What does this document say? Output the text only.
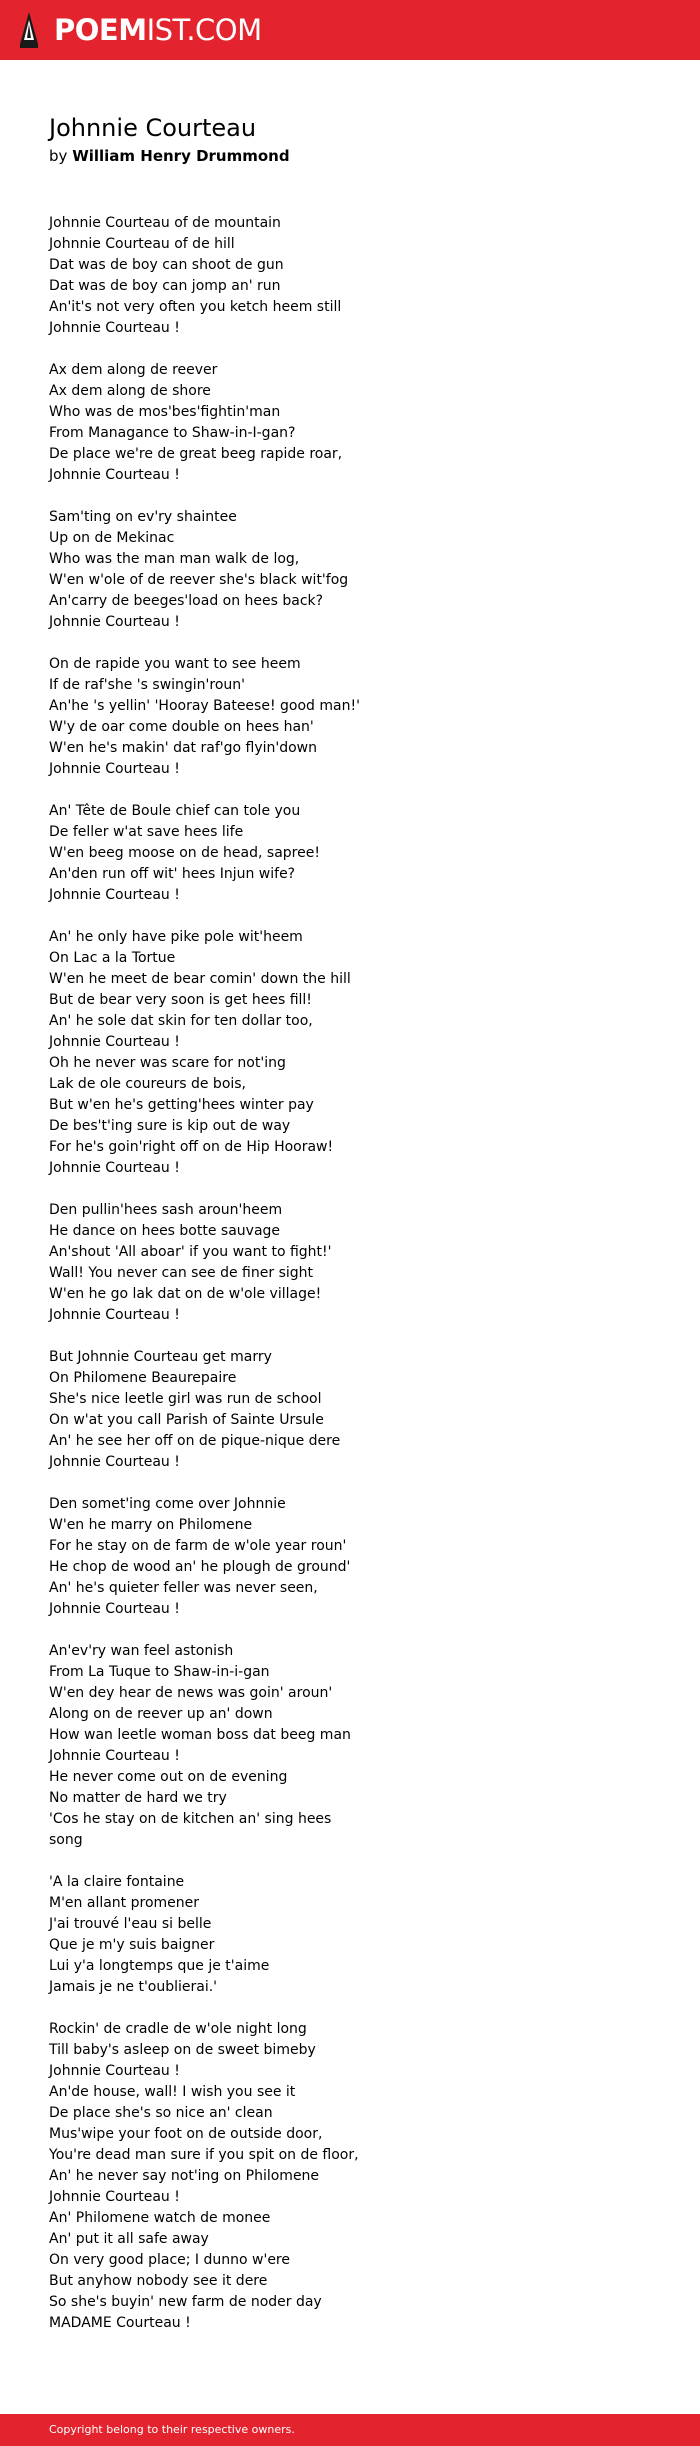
POEMIST.COM
Johnnie Courteau
by William Henry Drummond
Johnnie Courteau of de mountain
Johnnie Courteau of de hill
Dat was de boy can shoot de gun
Dat was de boy can jomp an' run
An'it's not very often you ketch heem still
Johnnie Courteau !
Ax dem along de reever
Ax dem along de shore
Who was de mos'bes'fightin'man
From Managance to Shaw-in-I-gan?
De place we're de great beeg rapide roar,
Johnnie Courteau !
Sam'ting on ev'ry shaintee
Up on de Mekinac
Who was the man man walk de log,
W'en w'ole of de reever she's black wit'fog
An'carry de beeges'load on hees back?
Johnnie Courteau !
On de rapide you want to see heem
If de raf'she 's swingin'roun'
An'he 's yellin' 'Hooray Bateese! good man!'
W'y de oar come double on hees han'
W'en he's makin' dat raf'go flyin'down
Johnnie Courteau !
An' Tête de Boule chief can tole you
De feller w'at save hees life
W'en beeg moose on de head, sapree!
An'den run off wit' hees Injun wife?
Johnnie Courteau !
An' he only have pike pole wit'heem
On Lac a la Tortue
W'en he meet de bear comin' down the hill
But de bear very soon is get hees fill!
An' he sole dat skin for ten dollar too,
Johnnie Courteau !
Oh he never was scare for not'ing
Lak de ole coureurs de bois,
But w'en he's getting'hees winter pay
De bes't'ing sure is kip out de way
For he's goin'right off on de Hip Hooraw!
Johnnie Courteau !
Den pullin'hees sash aroun'heem
He dance on hees botte sauvage
An'shout 'All aboar' if you want to fight!'
Wall! You never can see de finer sight
W'en he go lak dat on de w'ole village!
Johnnie Courteau !
But Johnnie Courteau get marry
On Philomene Beaurepaire
She's nice leetle girl was run de school
On w'at you call Parish of Sainte Ursule
An' he see her off on de pique-nique dere
Johnnie Courteau !
Den somet'ing come over Johnnie
W'en he marry on Philomene
For he stay on de farm de w'ole year roun'
He chop de wood an' he plough de ground'
An' he's quieter feller was never seen,
Johnnie Courteau !
An'ev'ry wan feel astonish
From La Tuque to Shaw-in-i-gan
W'en dey hear de news was goin' aroun'
Along on de reever up an' down
How wan leetle woman boss dat beeg man
Johnnie Courteau !
He never come out on de evening
No matter de hard we try
'Cos he stay on de kitchen an' sing hees song
'A la claire fontaine
M'en allant promener
J'ai trouvé l'eau si belle
Que je m'y suis baigner
Lui y'a longtemps que je t'aime
Jamais je ne t'oublierai.'
Rockin' de cradle de w'ole night long
Till baby's asleep on de sweet bimeby
Johnnie Courteau !
An'de house, wall! I wish you see it
De place she's so nice an' clean
Mus'wipe your foot on de outside door,
You're dead man sure if you spit on de floor,
An' he never say not'ing on Philomene
Johnnie Courteau !
An' Philomene watch de monee
An' put it all safe away
On very good place; I dunno w'ere
But anyhow nobody see it dere
So she's buyin' new farm de noder day
MADAME Courteau !
Copyright belong to their respective owners.
